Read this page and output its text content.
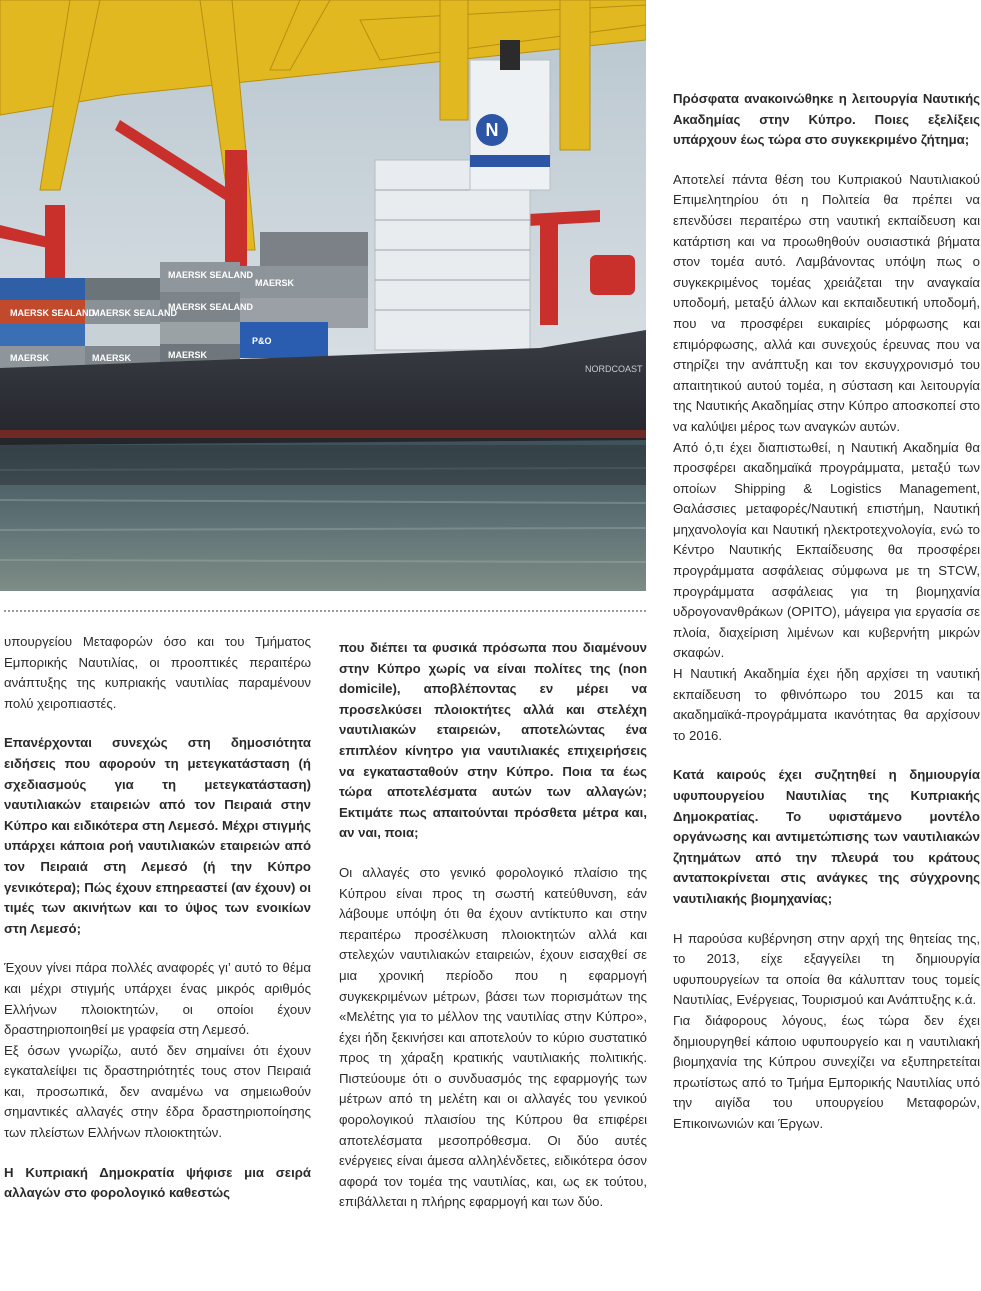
N
MAERSK
P&O
MAERSK SEALAND
MAERSK SEALAND
MAERSK
MAERSK SEALAND
MAERSK
MAERSK SEALAND
MAERSK
NORDCOAST

υπουργείου Μεταφορών όσο και του Τμήματος Εμπορικής Ναυτιλίας, οι προοπτικές περαιτέρω ανάπτυξης της κυπριακής ναυτιλίας παραμένουν πολύ χειροπιαστές.

Επανέρχονται συνεχώς στη δημοσιότητα ειδήσεις που αφορούν τη μετεγκατάσταση (ή σχεδιασμούς για τη μετεγκατάσταση) ναυτιλιακών εταιρειών από τον Πειραιά στην Κύπρο και ειδικότερα στη Λεμεσό. Μέχρι στιγμής υπάρχει κάποια ροή ναυτιλιακών εταιρειών από τον Πειραιά στη Λεμεσό (ή την Κύπρο γενικότερα); Πώς έχουν επηρεαστεί (αν έχουν) οι τιμές των ακινήτων και το ύψος των ενοικίων στη Λεμεσό;

Έχουν γίνει πάρα πολλές αναφορές γι’ αυτό το θέμα και μέχρι στιγμής υπάρχει ένας μικρός αριθμός Ελλήνων πλοιοκτητών, οι οποίοι έχουν δραστηριοποιηθεί με γραφεία στη Λεμεσό.

Εξ όσων γνωρίζω, αυτό δεν σημαίνει ότι έχουν εγκαταλείψει τις δραστηριότητές τους στον Πειραιά και, προσωπικά, δεν αναμένω να σημειωθούν σημαντικές αλλαγές στην έδρα δραστηριοποίησης των πλείστων Ελλήνων πλοιοκτητών.

Η Κυπριακή Δημοκρατία ψήφισε μια σειρά αλλαγών στο φορολογικό καθεστώς

που διέπει τα φυσικά πρόσωπα που διαμένουν στην Κύπρο χωρίς να είναι πολίτες της (non domicile), αποβλέποντας εν μέρει να προσελκύσει πλοιοκτήτες αλλά και στελέχη ναυτιλιακών εταιρειών, αποτελώντας ένα επιπλέον κίνητρο για ναυτιλιακές επιχειρήσεις να εγκατασταθούν στην Κύπρο. Ποια τα έως τώρα αποτελέσματα αυτών των αλλαγών; Εκτιμάτε πως απαιτούνται πρόσθετα μέτρα και, αν ναι, ποια;

Οι αλλαγές στο γενικό φορολογικό πλαίσιο της Κύπρου είναι προς τη σωστή κατεύθυνση, εάν λάβουμε υπόψη ότι θα έχουν αντίκτυπο και στην περαιτέρω προσέλκυση πλοιοκτητών αλλά και στελεχών ναυτιλιακών εταιρειών, έχουν εισαχθεί σε μια χρονική περίοδο που η εφαρμογή συγκεκριμένων μέτρων, βάσει των πορισμάτων της «Μελέτης για το μέλλον της ναυτιλίας στην Κύπρο», έχει ήδη ξεκινήσει και αποτελούν το κύριο συστατικό προς τη χάραξη κρατικής ναυτιλιακής πολιτικής. Πιστεύουμε ότι ο συνδυασμός της εφαρμογής των μέτρων από τη μελέτη και οι αλλαγές του γενικού φορολογικού πλαισίου της Κύπρου θα επιφέρει αποτελέσματα μεσοπρόθεσμα. Οι δύο αυτές ενέργειες είναι άμεσα αλληλένδετες, ειδικότερα όσον αφορά τον τομέα της ναυτιλίας, και, ως εκ τούτου, επιβάλλεται η πλήρης εφαρμογή και των δύο.

Πρόσφατα ανακοινώθηκε η λειτουργία Ναυτικής Ακαδημίας στην Κύπρο. Ποιες εξελίξεις υπάρχουν έως τώρα στο συγκεκριμένο ζήτημα;

Αποτελεί πάντα θέση του Κυπριακού Ναυτιλιακού Επιμελητηρίου ότι η Πολιτεία θα πρέπει να επενδύσει περαιτέρω στη ναυτική εκπαίδευση και κατάρτιση και να προωθηθούν ουσιαστικά βήματα στον τομέα αυτό. Λαμβάνοντας υπόψη πως ο συγκεκριμένος τομέας χρειάζεται την αναγκαία υποδομή, μεταξύ άλλων και εκπαιδευτική υποδομή, που να προσφέρει ευκαιρίες μόρφωσης και επιμόρφωσης, αλλά και συνεχούς έρευνας που να στηρίζει την ανάπτυξη και τον εκσυγχρονισμό του απαιτητικού αυτού τομέα, η σύσταση και λειτουργία της Ναυτικής Ακαδημίας στην Κύπρο αποσκοπεί στο να καλύψει μέρος των αναγκών αυτών.

Από ό,τι έχει διαπιστωθεί, η Ναυτική Ακαδημία θα προσφέρει ακαδημαϊκά προγράμματα, μεταξύ των οποίων Shipping & Logistics Management, Θαλάσσιες μεταφορές/Ναυτική επιστήμη, Ναυτική μηχανολογία και Ναυτική ηλεκτροτεχνολογία, ενώ το Κέντρο Ναυτικής Εκπαίδευσης θα προσφέρει προγράμματα ασφάλειας σύμφωνα με τη STCW, προγράμματα ασφάλειας για τη βιομηχανία υδρογονανθράκων (OPITO), μάγειρα για εργασία σε πλοία, διαχείριση λιμένων και κυβερνήτη μικρών σκαφών.

Η Ναυτική Ακαδημία έχει ήδη αρχίσει τη ναυτική εκπαίδευση το φθινόπωρο του 2015 και τα ακαδημαϊκά-προγράμματα ικανότητας θα αρχίσουν το 2016.

Κατά καιρούς έχει συζητηθεί η δημιουργία υφυπουργείου Ναυτιλίας της Κυπριακής Δημοκρατίας. Το υφιστάμενο μοντέλο οργάνωσης και αντιμετώπισης των ναυτιλιακών ζητημάτων από την πλευρά του κράτους ανταποκρίνεται στις ανάγκες της σύγχρονης ναυτιλιακής βιομηχανίας;

Η παρούσα κυβέρνηση στην αρχή της θητείας της, το 2013, είχε εξαγγείλει τη δημιουργία υφυπουργείων τα οποία θα κάλυπταν τους τομείς Ναυτιλίας, Ενέργειας, Τουρισμού και Ανάπτυξης κ.ά.

Για διάφορους λόγους, έως τώρα δεν έχει δημιουργηθεί κάποιο υφυπουργείο και η ναυτιλιακή βιομηχανία της Κύπρου συνεχίζει να εξυπηρετείται πρωτίστως από το Τμήμα Εμπορικής Ναυτιλίας υπό την αιγίδα του υπουργείου Μεταφορών, Επικοινωνιών και Έργων.
